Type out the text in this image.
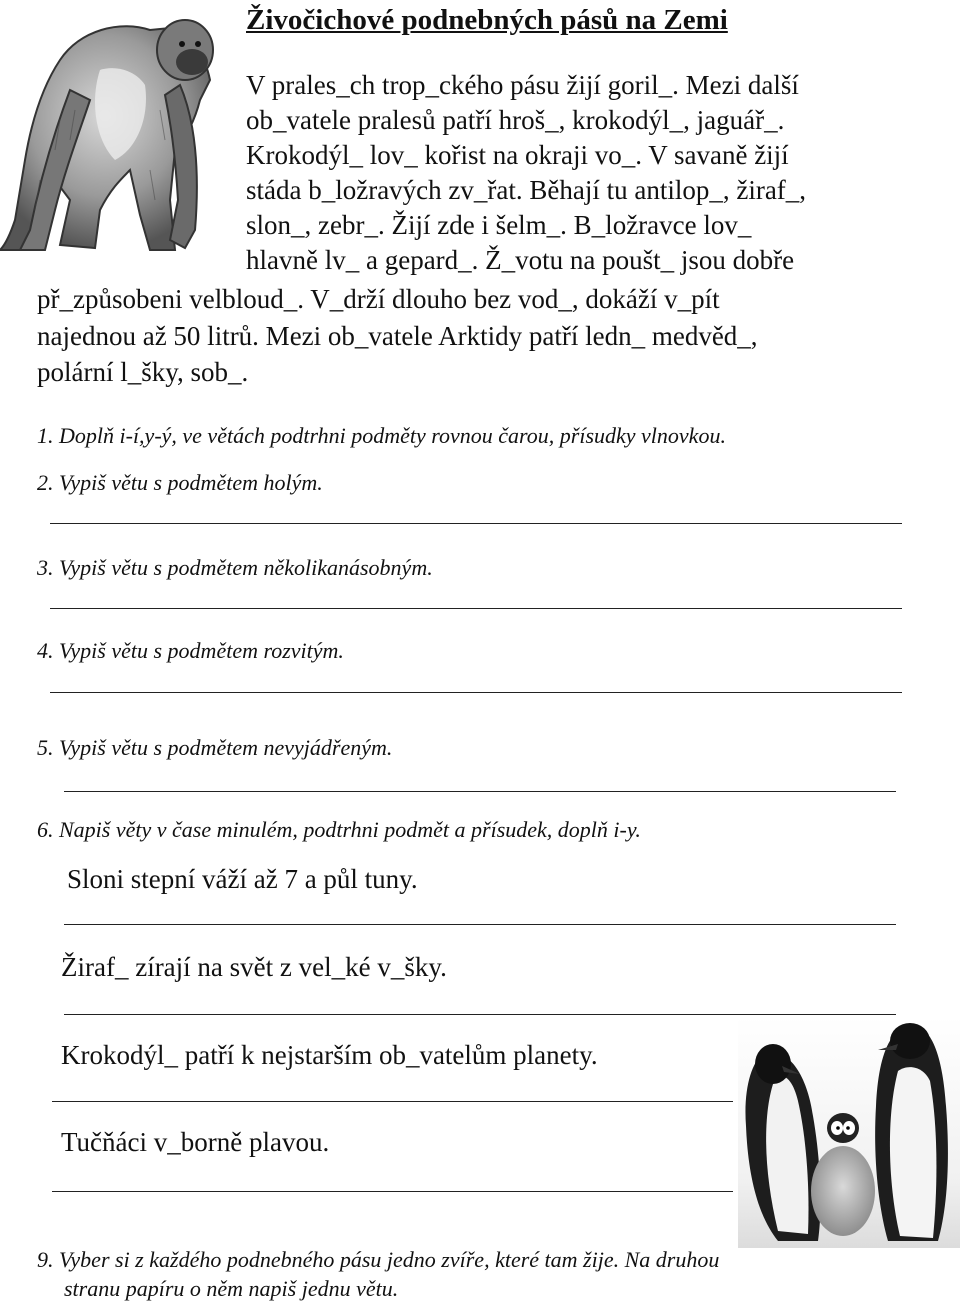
Živočichové podnebných pásů na Zemi
V prales_ch trop_ckého pásu žijí goril_. Mezi další
ob_vatele pralesů patří hroš_, krokodýl_, jaguář_.
Krokodýl_ lov_ kořist na okraji vo_. V savaně žijí
stáda b_ložravých zv_řat. Běhají tu antilop_, žiraf_,
slon_, zebr_. Žijí zde i šelm_. B_ložravce lov_
hlavně lv_ a gepard_. Ž_votu na poušt_ jsou dobře
př_způsobeni velbloud_. V_drží dlouho bez vod_, dokáží v_pít
najednou až 50 litrů. Mezi ob_vatele Arktidy patří ledn_ medvěd_,
polární l_šky, sob_.
1. Doplň i-í,y-ý, ve větách podtrhni podměty rovnou čarou, přísudky vlnovkou.
2. Vypiš větu s podmětem holým.
3. Vypiš větu s podmětem několikanásobným.
4. Vypiš větu s podmětem rozvitým.
5. Vypiš větu s podmětem nevyjádřeným.
6. Napiš věty v čase minulém, podtrhni podmět a přísudek, doplň i-y.
Sloni stepní váží až 7 a půl tuny.
Žiraf_ zírají na svět z vel_ké v_šky.
Krokodýl_ patří k nejstarším ob_vatelům planety.
Tučňáci v_borně plavou.
9. Vyber si z každého podnebného pásu jedno zvíře, které tam žije. Na druhou
stranu papíru o něm napiš jednu větu.
